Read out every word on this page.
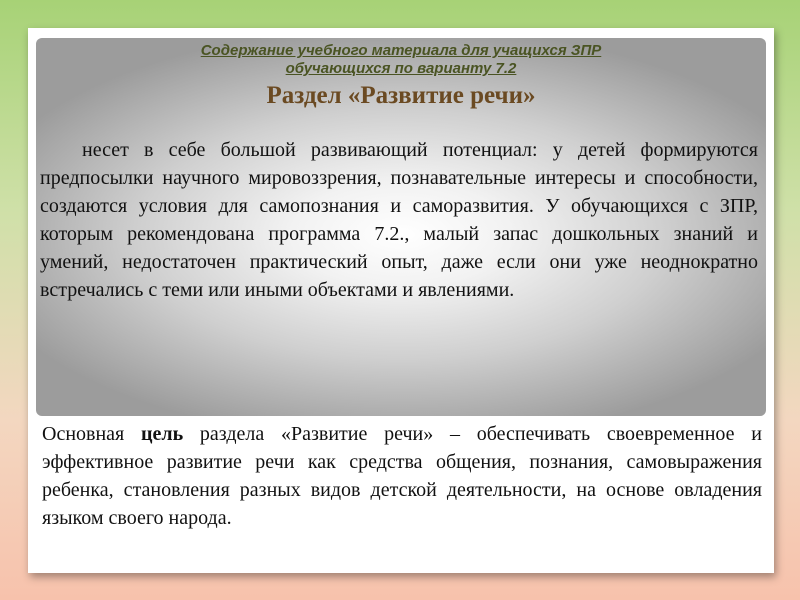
Содержание учебного материала для учащихся ЗПР
обучающихся по варианту 7.2
Раздел «Развитие речи»

несет в себе большой развивающий потенциал: у детей формируются предпосылки научного мировоззрения, познавательные интересы и способности, создаются условия для самопознания и саморазвития. У обучающихся с ЗПР, которым рекомендована программа 7.2., малый запас дошкольных знаний и умений, недостаточен практический опыт, даже если они уже неоднократно встречались с теми или иными объектами и явлениями.

Основная цель раздела «Развитие речи» – обеспечивать своевременное и эффективное развитие речи как средства общения, познания, самовыражения ребенка, становления разных видов детской деятельности, на основе овладения языком своего народа.
